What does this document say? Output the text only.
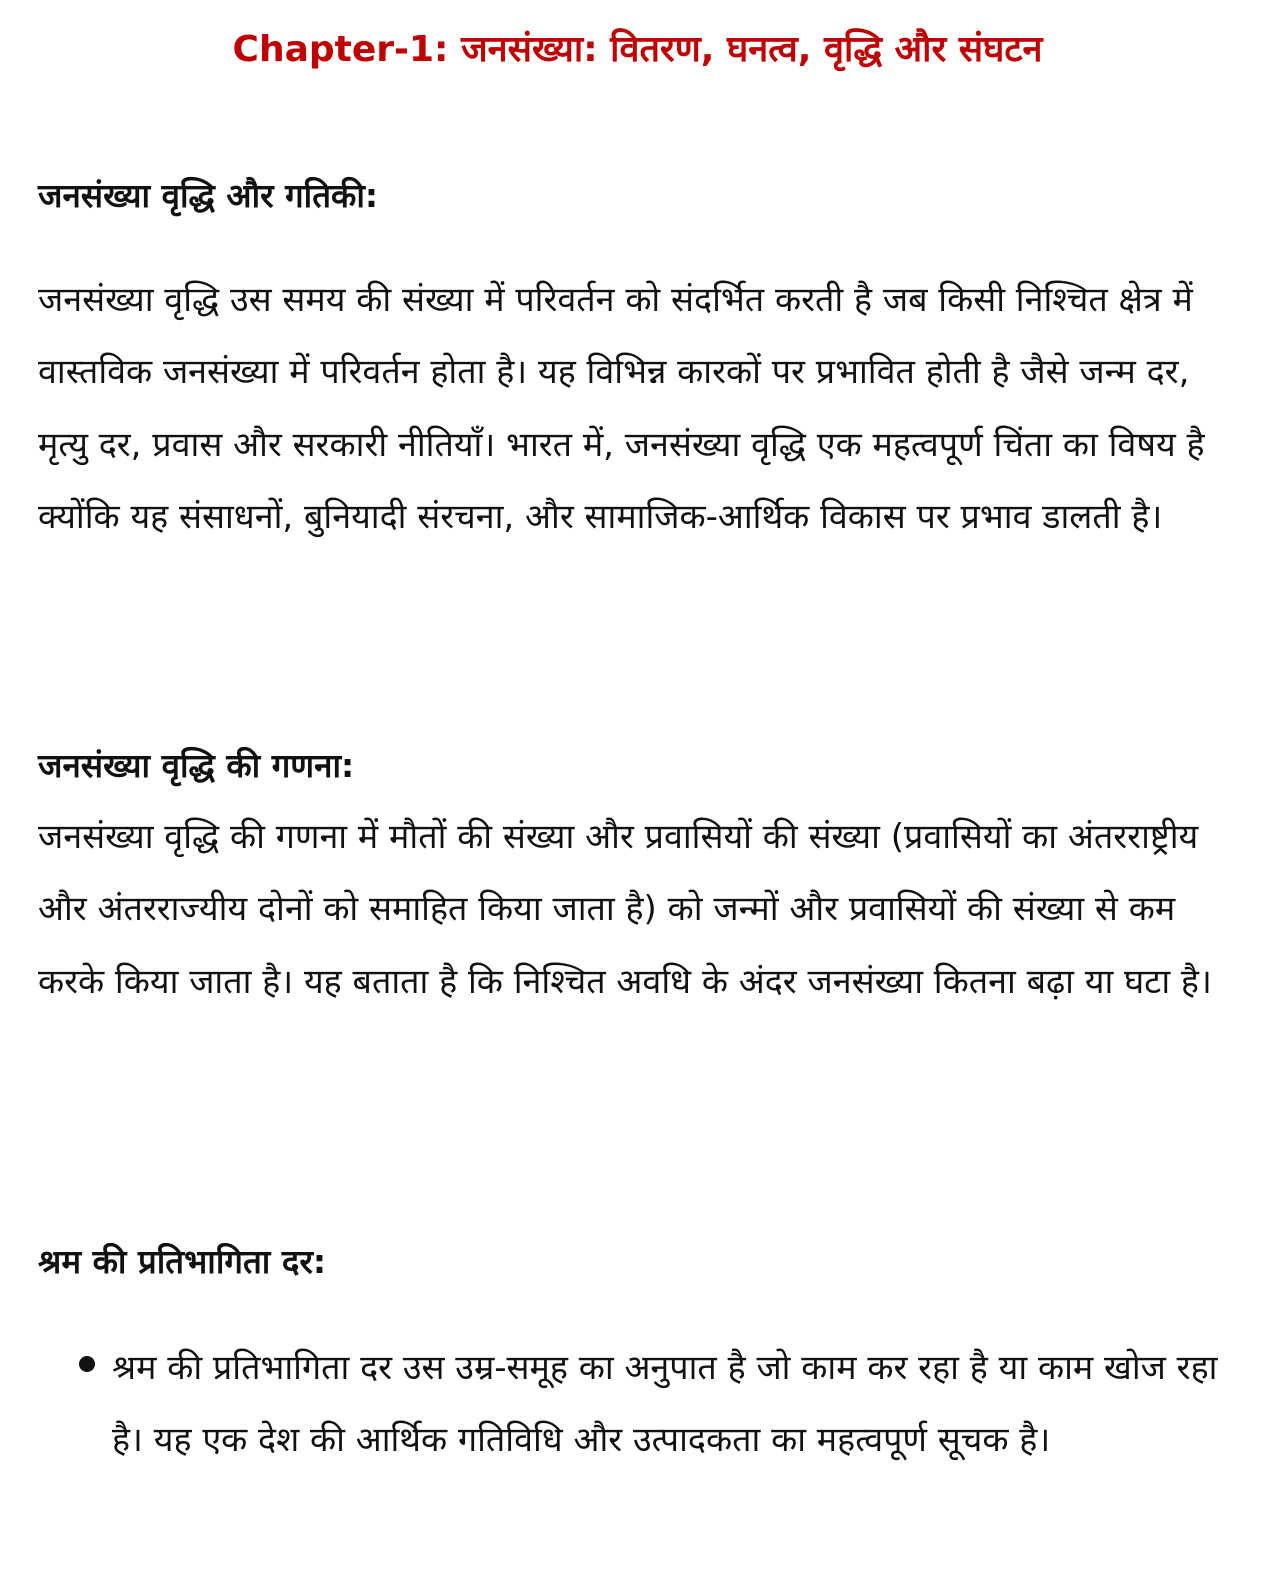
Chapter-1: जनसंख्या: वितरण, घनत्व, वृद्धि और संघटन
जनसंख्या वृद्धि और गतिकी:

जनसंख्या वृद्धि उस समय की संख्या में परिवर्तन को संदर्भित करती है जब किसी निश्चित क्षेत्र में वास्तविक जनसंख्या में परिवर्तन होता है। यह विभिन्न कारकों पर प्रभावित होती है जैसे जन्म दर, मृत्यु दर, प्रवास और सरकारी नीतियाँ। भारत में, जनसंख्या वृद्धि एक महत्वपूर्ण चिंता का विषय है क्योंकि यह संसाधनों, बुनियादी संरचना, और सामाजिक-आर्थिक विकास पर प्रभाव डालती है।

जनसंख्या वृद्धि की गणना:

जनसंख्या वृद्धि की गणना में मौतों की संख्या और प्रवासियों की संख्या (प्रवासियों का अंतरराष्ट्रीय और अंतरराज्यीय दोनों को समाहित किया जाता है) को जन्मों और प्रवासियों की संख्या से कम करके किया जाता है। यह बताता है कि निश्चित अवधि के अंदर जनसंख्या कितना बढ़ा या घटा है।

श्रम की प्रतिभागिता दर:
श्रम की प्रतिभागिता दर उस उम्र-समूह का अनुपात है जो काम कर रहा है या काम खोज रहा है। यह एक देश की आर्थिक गतिविधि और उत्पादकता का महत्वपूर्ण सूचक है।
